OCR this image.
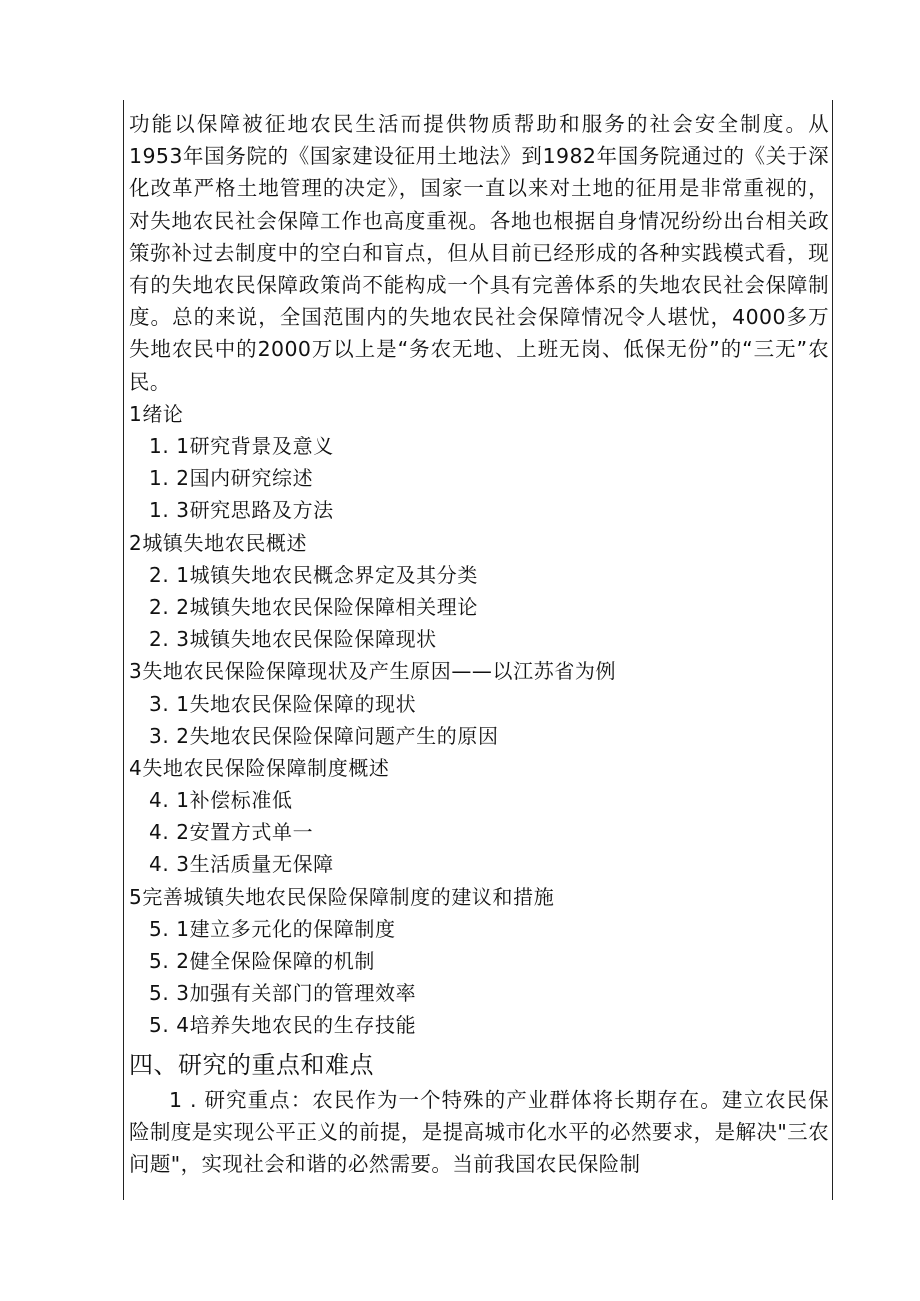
功能以保障被征地农民生活而提供物质帮助和服务的社会安全制度。从1953年国务院的《国家建设征用土地法》到1982年国务院通过的《关于深化改革严格土地管理的决定》，国家一直以来对土地的征用是非常重视的，对失地农民社会保障工作也高度重视。各地也根据自身情况纷纷出台相关政策弥补过去制度中的空白和盲点，但从目前已经形成的各种实践模式看，现有的失地农民保障政策尚不能构成一个具有完善体系的失地农民社会保障制度。总的来说，全国范围内的失地农民社会保障情况令人堪忧，4000多万失地农民中的2000万以上是“务农无地、上班无岗、低保无份”的“三无”农民。

1绪论
1. 1研究背景及意义
1. 2国内研究综述
1. 3研究思路及方法
2城镇失地农民概述
2. 1城镇失地农民概念界定及其分类
2. 2城镇失地农民保险保障相关理论
2. 3城镇失地农民保险保障现状
3失地农民保险保障现状及产生原因——以江苏省为例
3. 1失地农民保险保障的现状
3. 2失地农民保险保障问题产生的原因
4失地农民保险保障制度概述
4. 1补偿标准低
4. 2安置方式单一
4. 3生活质量无保障
5完善城镇失地农民保险保障制度的建议和措施
5. 1建立多元化的保障制度
5. 2健全保险保障的机制
5. 3加强有关部门的管理效率
5. 4培养失地农民的生存技能
四、研究的重点和难点

1 . 研究重点：农民作为一个特殊的产业群体将长期存在。建立农民保险制度是实现公平正义的前提，是提高城市化水平的必然要求，是解决"三农问题"，实现社会和谐的必然需要。当前我国农民保险制
